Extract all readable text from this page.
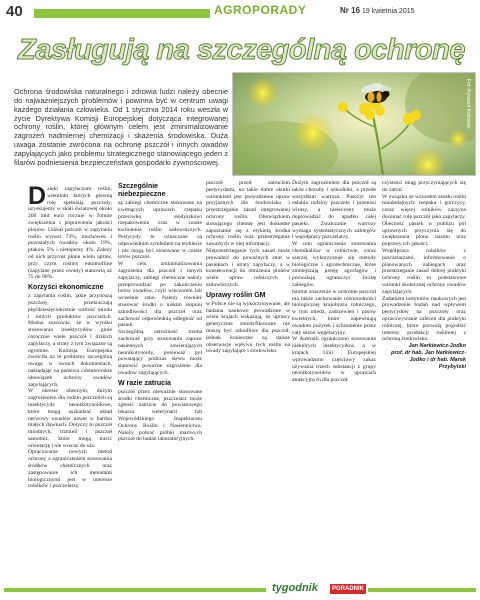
40	AGROPORADY	Nr 16 19 kwietnia 2015
Zasługują na szczególną ochronę

Ochrona środowiska naturalnego i zdrowia ludzi należy obecnie do najważniejszych problemów i powinna być w centrum uwagi każdego działania człowieka. Od 1 stycznia 2014 roku weszła w życie Dyrektywa Komisji Europejskiej dotycząca integrowanej ochrony roślin, której głównym celem jest zminimalizowanie zagrożeń nadmiernej chemizacji i skażenia środowiska. Duża uwaga zostanie zwrócona na ochronę pszczół i innych owadów zapylających jako problemu strategicznego stanowiącego jeden z filarów podniesienia bezpieczeństwa gospodarki żywnościowej.

Fot. Ryszard Kołowski

Dzięki zapylaczom roślin, wiemlokt których głowną rolę spełniają pszczoły, uzyskujemy w skali światowej około 200 mld euro rocznie w formie zwiększenia i poprawienia jakości plonów. Udział pszczół w zapylaniu roślin wynosi 73%, muchówek i pozostałych owadów około 19%, ptaków 5% i nietoperzy 4%. Zależy od nich przyrost plonu wielu upraw, przy czym rośliny entomofilne (zapylane przez owady) stanowią aż 75 do 90%.

Korzyści ekonomiczne

z zapylania roślin, jakie przynoszą pszczoły, przekraczają pięćdziesięciokrotnie wartość miodu i innych produktów pszczelich. Można szacować, że w wyniku stosowania insektycydów ginie corocznie wiele pszczół i dzikich zapylaczy, a straty z tym związane są ogromne. Komisja Europejska zwróciła na te problemy szczególną uwagę w swoich dokumentach, nakładając na państwa członkowskie obowiązek ochrony owadów zapylających.

W okresie obecnym, dużym zagrożeniem dla rodzin pszczelich są insektycydy neonikotynoidowe, które mogą uszkadzać układ nerwowy owadów nawet w bardzo małych dawkach. Dotyczy to pszczół miodnych, trzmieli i pszczół samotnic, które mogą tracić orientację i nie wracać do ula.

Opracowanie nowych metod ochrony z ograniczeniem stosowania środków chemicznych oraz zastępowanie ich metodami biologicznymi jest w interesie rolników i pszczelarzy.

Szczególnie niebezpieczne

są zabiegi chemiczne stosowane na kwitnących uprawach rzepaku przeciwko słodyszkowi rzepakowemu oraz w czasie kwitnienia roślin sadowniczych. Pestycydy te oznaczone są odpowiednim symbolem na etykiecie i nie mogą być stosowane w czasie lotów pszczół.

W celu zminimalizowania zagrożenia dla pszczół i innych zapylaczy, zabiegi chemiczne należy przeprowadzać po zakończeniu lotów owadów, czyli wieczorem lub wcześnie rano. Należy również stosować środki o niskim stopniu szkodliwości dla pszczół oraz zachować odpowiednią odległość od pasiek.

Szczególną ostrożność trzeba zachować przy stosowaniu zapraw nasiennych zawierających neonikotynoidy, ponieważ pył powstający podczas siewu może stanowić poważne zagrożenie dla owadów zapylających.

W razie zatrucia

pszczół przez nieważnie stosowane środki chemiczne, pszczelarz może zgłosić zatrucie do powiatowego lekarza weterynarii lub Wojewódzkiego Inspektoratu Ochrony Roślin i Nasiennictwa. Należy pobrać próbki martwych pszczół do badań laboratoryjnych.

pszczół przed zatruciem pestycydami, na takie dobre skutki warunkiem jest prowadzenie upraw przyjaznych dla środowiska i przestrzeganie zasad integrowanej ochrony roślin. Obowiązkiem stosującego chemię jest dokładne zapoznanie się z etykietą środka ochrony roślin oraz przestrzeganie zawartych w niej informacji.

Nieprzestrzeganie tych zasad może prowadzić do poważnych strat w pasiekach i utraty zapylaczy, a w konsekwencji do obniżenia plonów wielu upraw rolniczych i sadowniczych.

Uprawy roślin GM

w Polsce nie są wykorzystywane, ale badania naukowe prowadzone w wielu krajach wskazują, że uprawy genetycznie zmodyfikowane nie muszą być szkodliwe dla pszczół, jednak konieczne są dalsze obserwacje wpływu tych roślin na owady zapylające i środowisko.

Dużym zagrożeniem dla pszczół są także choroby i szkodniki, a przede wszystkim warroza. Pasożyt ten osłabia rodziny pszczele i przenosi wirusy, a nieleczony może doprowadzić do upadku całej pasieki. Zwalczanie warrozy wymaga systematycznych zabiegów i współpracy pszczelarzy.

W celu ograniczenia stosowania chemikaliów w rolnictwie, coraz szerzej wykorzystuje się metody biologiczne i agrotechniczne, które zmniejszają presję agrofagów i pozwalają ograniczyć liczbę zabiegów.

Istotne znaczenie w ochronie pszczół ma także zachowanie różnorodności biologicznej krajobrazu rolniczego, w tym miedz, zadrzewień i pasów kwietnych, które zapewniają owadom pożytek i schronienie przez cały sezon wegetacyjny.

W Australii ograniczono stosowanie niektórych insektycydów, a w krajach Unii Europejskiej wprowadzono częściowy zakaz używania trzech substancji z grupy neonikotynoidów w uprawach atrakcyjnych dla pszczół.

czystości miąg przyczyniających się do zatruć.

W związku ze wzrostem areału roślin miododajnych: rzepaku i gorczycy, coraz więcej rolników zaczyna doceniać rolę pszczół jako zapylaczy. Obecność pasiek w pobliżu pól uprawnych przyczynia się do zwiększenia plonu nasion oraz poprawy ich jakości.

Współpraca rolników z pszczelarzami, informowanie o planowanych zabiegach oraz przestrzeganie zasad dobrej praktyki ochrony roślin to podstawowe warunki skutecznej ochrony owadów zapylających.

Zadaniem instytutów naukowych jest prowadzenie badań nad wpływem pestycydów na pszczoły oraz opracowywanie zaleceń dla praktyki rolniczej, które pozwolą pogodzić interesy produkcji roślinnej z ochroną środowiska.

Jan Narkiewicz-Jodko

prof. dr hab. Jan Narkiewicz-Jodko i dr hab. Marek Przybylski

tygodnik	PORADNIK
